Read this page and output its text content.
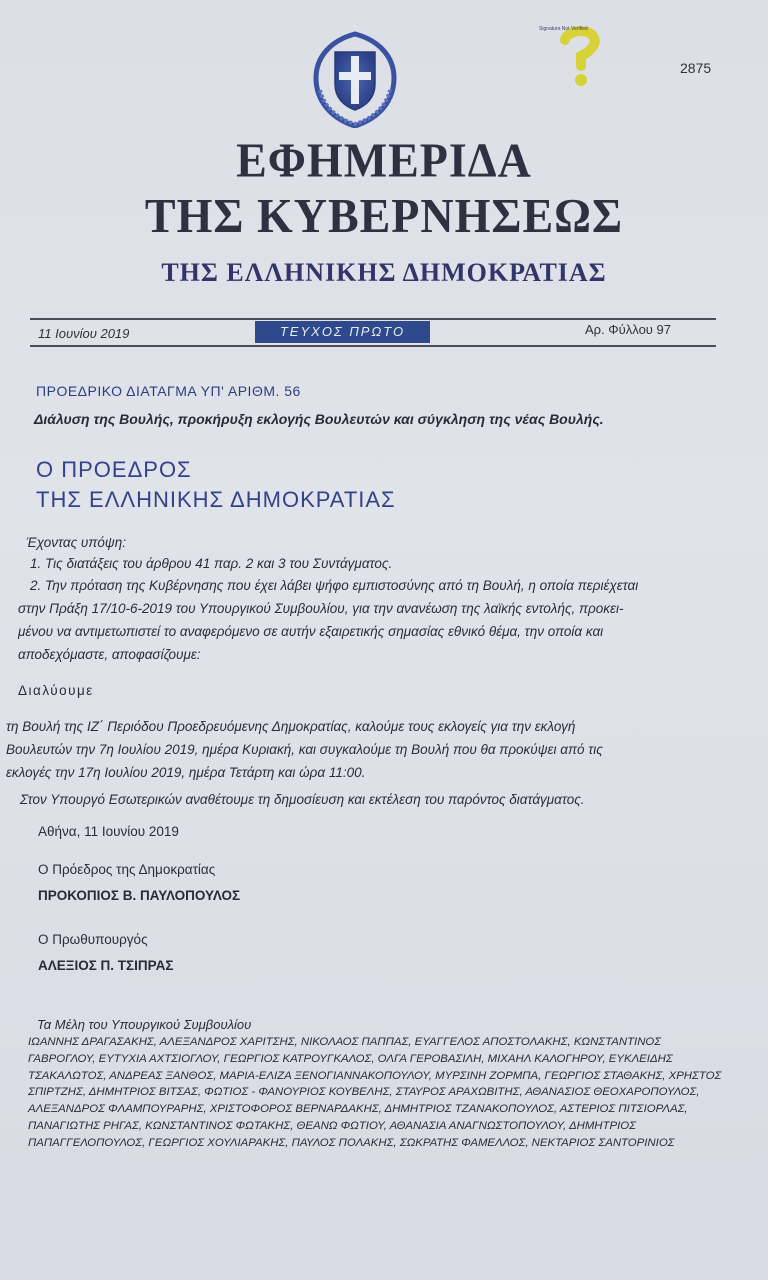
Signature Not Verified
2875
ΕΦΗΜΕΡΙΔΑ
ΤΗΣ ΚΥΒΕΡΝΗΣΕΩΣ
ΤΗΣ ΕΛΛΗΝΙΚΗΣ ΔΗΜΟΚΡΑΤΙΑΣ
11 Ιουνίου 2019	ΤΕΥΧΟΣ ΠΡΩΤΟ	Αρ. Φύλλου 97
ΠΡΟΕΔΡΙΚΟ ΔΙΑΤΑΓΜΑ ΥΠ' ΑΡΙΘΜ. 56
Διάλυση της Βουλής, προκήρυξη εκλογής Βουλευτών και σύγκληση της νέας Βουλής.
Ο ΠΡΟΕΔΡΟΣ
ΤΗΣ ΕΛΛΗΝΙΚΗΣ ΔΗΜΟΚΡΑΤΙΑΣ

Έχοντας υπόψη:

1. Τις διατάξεις του άρθρου 41 παρ. 2 και 3 του Συντάγματος.

2. Την πρόταση της Κυβέρνησης που έχει λάβει ψήφο εμπιστοσύνης από τη Βουλή, η οποία περιέχεται

στην Πράξη 17/10-6-2019 του Υπουργικού Συμβουλίου, για την ανανέωση της λαϊκής εντολής, προκει-

μένου να αντιμετωπιστεί το αναφερόμενο σε αυτήν εξαιρετικής σημασίας εθνικό θέμα, την οποία και

αποδεχόμαστε, αποφασίζουμε:

Διαλύουμε

τη Βουλή της ΙΖ΄ Περιόδου Προεδρευόμενης Δημοκρατίας, καλούμε τους εκλογείς για την εκλογή

Βουλευτών την 7η Ιουλίου 2019, ημέρα Κυριακή, και συγκαλούμε τη Βουλή που θα προκύψει από τις

εκλογές την 17η Ιουλίου 2019, ημέρα Τετάρτη και ώρα 11:00.

Στον Υπουργό Εσωτερικών αναθέτουμε τη δημοσίευση και εκτέλεση του παρόντος διατάγματος.

Αθήνα, 11 Ιουνίου 2019
Ο Πρόεδρος της Δημοκρατίας
ΠΡΟΚΟΠΙΟΣ Β. ΠΑΥΛΟΠΟΥΛΟΣ
Ο Πρωθυπουργός
ΑΛΕΞΙΟΣ Π. ΤΣΙΠΡΑΣ
Τα Μέλη του Υπουργικού Συμβουλίου
ΙΩΑΝΝΗΣ ΔΡΑΓΑΣΑΚΗΣ, ΑΛΕΞΑΝΔΡΟΣ ΧΑΡΙΤΣΗΣ, ΝΙΚΟΛΑΟΣ ΠΑΠΠΑΣ, ΕΥΑΓΓΕΛΟΣ ΑΠΟΣΤΟΛΑΚΗΣ, ΚΩΝΣΤΑΝΤΙΝΟΣ
ΓΑΒΡΟΓΛΟΥ, ΕΥΤΥΧΙΑ ΑΧΤΣΙΟΓΛΟΥ, ΓΕΩΡΓΙΟΣ ΚΑΤΡΟΥΓΚΑΛΟΣ, ΟΛΓΑ ΓΕΡΟΒΑΣΙΛΗ, ΜΙΧΑΗΛ ΚΑΛΟΓΗΡΟΥ, ΕΥΚΛΕΙΔΗΣ
ΤΣΑΚΑΛΩΤΟΣ, ΑΝΔΡΕΑΣ ΞΑΝΘΟΣ, ΜΑΡΙΑ-ΕΛΙΖΑ ΞΕΝΟΓΙΑΝΝΑΚΟΠΟΥΛΟΥ, ΜΥΡΣΙΝΗ ΖΟΡΜΠΑ, ΓΕΩΡΓΙΟΣ ΣΤΑΘΑΚΗΣ, ΧΡΗΣΤΟΣ
ΣΠΙΡΤΖΗΣ, ΔΗΜΗΤΡΙΟΣ ΒΙΤΣΑΣ, ΦΩΤΙΟΣ - ΦΑΝΟΥΡΙΟΣ ΚΟΥΒΕΛΗΣ, ΣΤΑΥΡΟΣ ΑΡΑΧΩΒΙΤΗΣ, ΑΘΑΝΑΣΙΟΣ ΘΕΟΧΑΡΟΠΟΥΛΟΣ,
ΑΛΕΞΑΝΔΡΟΣ ΦΛΑΜΠΟΥΡΑΡΗΣ, ΧΡΙΣΤΟΦΟΡΟΣ ΒΕΡΝΑΡΔΑΚΗΣ, ΔΗΜΗΤΡΙΟΣ ΤΖΑΝΑΚΟΠΟΥΛΟΣ, ΑΣΤΕΡΙΟΣ ΠΙΤΣΙΟΡΛΑΣ,
ΠΑΝΑΓΙΩΤΗΣ ΡΗΓΑΣ, ΚΩΝΣΤΑΝΤΙΝΟΣ ΦΩΤΑΚΗΣ, ΘΕΑΝΩ ΦΩΤΙΟΥ, ΑΘΑΝΑΣΙΑ ΑΝΑΓΝΩΣΤΟΠΟΥΛΟΥ, ΔΗΜΗΤΡΙΟΣ
ΠΑΠΑΓΓΕΛΟΠΟΥΛΟΣ, ΓΕΩΡΓΙΟΣ ΧΟΥΛΙΑΡΑΚΗΣ, ΠΑΥΛΟΣ ΠΟΛΑΚΗΣ, ΣΩΚΡΑΤΗΣ ΦΑΜΕΛΛΟΣ, ΝΕΚΤΑΡΙΟΣ ΣΑΝΤΟΡΙΝΙΟΣ
